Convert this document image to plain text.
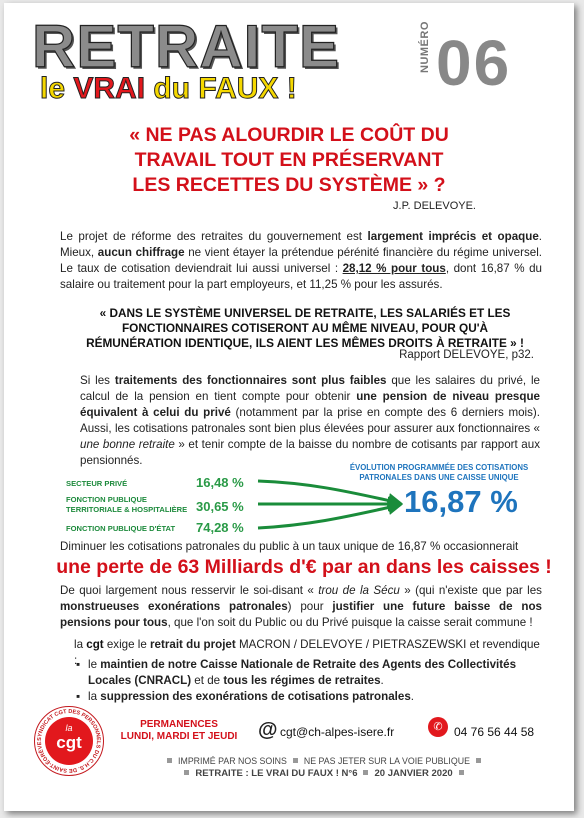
RETRAITE
le VRAI du FAUX !
NUMÉRO 06
« NE PAS ALOURDIR LE COÛT DU
TRAVAIL TOUT EN PRÉSERVANT
LES RECETTES DU SYSTÈME » ?
J.P. DELEVOYE.
Le projet de réforme des retraites du gouvernement est largement imprécis et opaque. Mieux, aucun chiffrage ne vient étayer la prétendue pérénité financière du régime universel. Le taux de cotisation deviendrait lui aussi universel : 28,12 % pour tous, dont 16,87 % du salaire ou traitement pour la part employeurs, et 11,25 % pour les assurés.
« DANS LE SYSTÈME UNIVERSEL DE RETRAITE, LES SALARIÉS ET LES
FONCTIONNAIRES COTISERONT AU MÊME NIVEAU, POUR QU'À
RÉMUNÉRATION IDENTIQUE, ILS AIENT LES MÊMES DROITS À RETRAITE » !
Rapport DELEVOYE, p32.
Si les traitements des fonctionnaires sont plus faibles que les salaires du privé, le calcul de la pension en tient compte pour obtenir une pension de niveau presque équivalent à celui du privé (notamment par la prise en compte des 6 derniers mois). Aussi, les cotisations patronales sont bien plus élevées pour assurer aux fonctionnaires « une bonne retraite » et tenir compte de la baisse du nombre de cotisants par rapport aux pensionnés.
SECTEUR PRIVÉ	16,48 %
FONCTION PUBLIQUE
TERRITORIALE & HOSPITALIÈRE 30,65 %
FONCTION PUBLIQUE D'ÉTAT 74,28 %
ÉVOLUTION PROGRAMMÉE DES COTISATIONS
PATRONALES DANS UNE CAISSE UNIQUE
16,87 %
Diminuer les cotisations patronales du public à un taux unique de 16,87 % occasionnerait
une perte de 63 Milliards d'€ par an dans les caisses !
De quoi largement nous resservir le soi-disant « trou de la Sécu » (qui n'existe que par les monstrueuses exonérations patronales) pour justifier une future baisse de nos pensions pour tous, que l'on soit du Public ou du Privé puisque la caisse serait commune !
la cgt exige le retrait du projet MACRON / DELEVOYE / PIETRASZEWSKI et revendique :
▪ le maintien de notre Caisse Nationale de Retraite des Agents des Collectivités Locales (CNRACL) et de tous les régimes de retraites.
▪ la suppression des exonérations de cotisations patronales.
SYNDICAT CGT DES PERSONNELS DU C.H.S. DE SAINT-ÉGRÈVE
la
cgt
PERMANENCES
LUNDI, MARDI ET JEUDI	@ cgt@ch-alpes-isere.fr	✆ 04 76 56 44 58
IMPRIMÉ PAR NOS SOINS NE PAS JETER SUR LA VOIE PUBLIQUE
RETRAITE : LE VRAI DU FAUX ! N°6 20 JANVIER 2020
